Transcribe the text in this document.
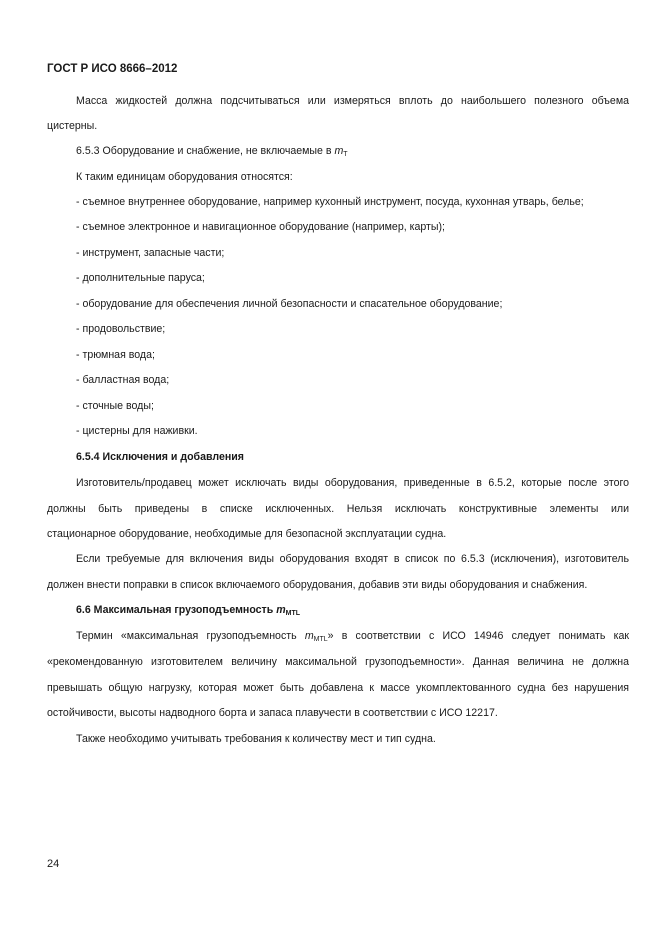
ГОСТ Р ИСО 8666–2012
Масса жидкостей должна подсчитываться или измеряться вплоть до наибольшего полезного объема
цистерны.
6.5.3 Оборудование и снабжение, не включаемые в $m_T$
К таким единицам оборудования относятся:
- съемное внутреннее оборудование, например кухонный инструмент, посуда, кухонная утварь, белье;
- съемное электронное и навигационное оборудование (например, карты);
- инструмент, запасные части;
- дополнительные паруса;
- оборудование для обеспечения личной безопасности и спасательное оборудование;
- продовольствие;
- трюмная вода;
- балластная вода;
- сточные воды;
- цистерны для наживки.
6.5.4 Исключения и добавления
Изготовитель/продавец может исключать виды оборудования, приведенные в 6.5.2, которые после этого
должны быть приведены в списке исключенных. Нельзя исключать конструктивные элементы или
стационарное оборудование, необходимые для безопасной эксплуатации судна.
Если требуемые для включения виды оборудования входят в список по 6.5.3 (исключения), изготовитель
должен внести поправки в список включаемого оборудования, добавив эти виды оборудования и снабжения.
6.6 Максимальная грузоподъемность $m_{MTL}$
Термин «максимальная грузоподъемность $m_{MTL}$» в соответствии с ИСО 14946 следует понимать как
«рекомендованную изготовителем величину максимальной грузоподъемности». Данная величина не должна
превышать общую нагрузку, которая может быть добавлена к массе укомплектованного судна без нарушения
остойчивости, высоты надводного борта и запаса плавучести в соответствии с ИСО 12217.
Также необходимо учитывать требования к количеству мест и тип судна.
24
